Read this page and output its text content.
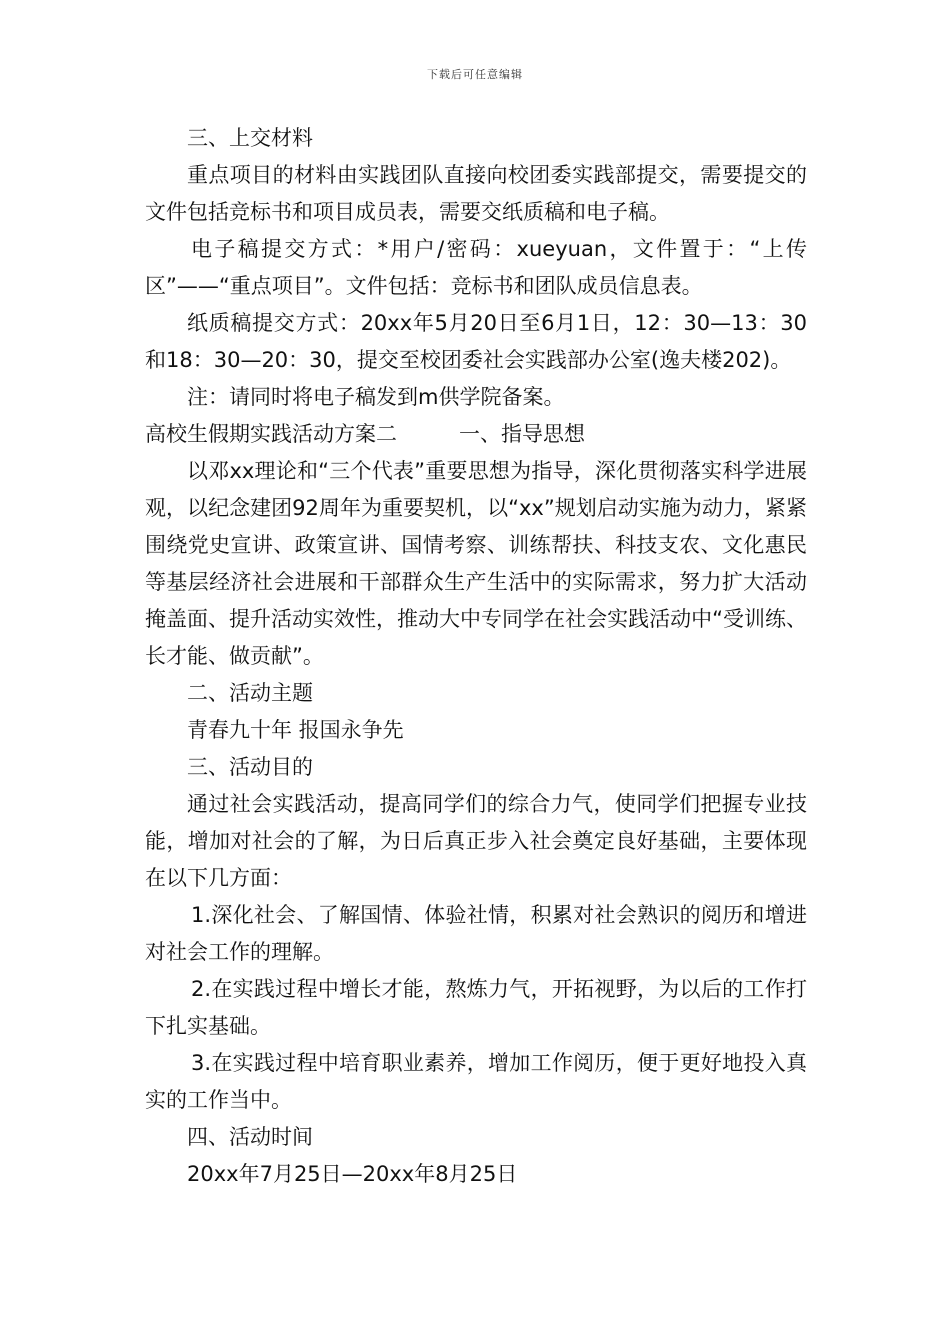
下载后可任意编辑

三、上交材料

重点项目的材料由实践团队直接向校团委实践部提交，需要提交的文件包括竞标书和项目成员表，需要交纸质稿和电子稿。

电子稿提交方式：*用户/密码：xueyuan，文件置于：“上传区”——“重点项目”。文件包括：竞标书和团队成员信息表。

纸质稿提交方式：20xx年5月20日至6月1日，12：30—13：30和18：30—20：30，提交至校团委社会实践部办公室(逸夫楼202)。

注：请同时将电子稿发到m供学院备案。

高校生假期实践活动方案二	一、指导思想

以邓xx理论和“三个代表”重要思想为指导，深化贯彻落实科学进展观，以纪念建团92周年为重要契机，以“xx”规划启动实施为动力，紧紧围绕党史宣讲、政策宣讲、国情考察、训练帮扶、科技支农、文化惠民等基层经济社会进展和干部群众生产生活中的实际需求，努力扩大活动掩盖面、提升活动实效性，推动大中专同学在社会实践活动中“受训练、长才能、做贡献”。

二、活动主题

青春九十年 报国永争先

三、活动目的

通过社会实践活动，提高同学们的综合力气，使同学们把握专业技能，增加对社会的了解，为日后真正步入社会奠定良好基础，主要体现在以下几方面：

1.深化社会、了解国情、体验社情，积累对社会熟识的阅历和增进对社会工作的理解。

2.在实践过程中增长才能，熬炼力气，开拓视野，为以后的工作打下扎实基础。

3.在实践过程中培育职业素养，增加工作阅历，便于更好地投入真实的工作当中。

四、活动时间

20xx年7月25日—20xx年8月25日
